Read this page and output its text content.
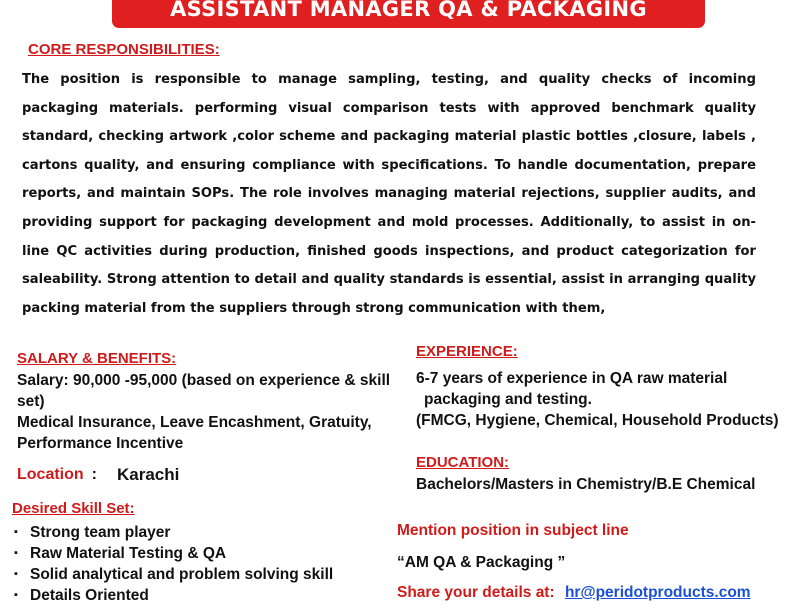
ASSISTANT MANAGER QA & PACKAGING
CORE RESPONSIBILITIES:
The position is responsible to manage sampling, testing, and quality checks of incoming packaging materials. performing visual comparison tests with approved benchmark quality standard, checking artwork ,color scheme and packaging material plastic bottles ,closure, labels , cartons quality, and ensuring compliance with specifications. To handle documentation, prepare reports, and maintain SOPs. The role involves managing material rejections, supplier audits, and providing support for packaging development and mold processes. Additionally, to assist in on-line QC activities during production, finished goods inspections, and product categorization for saleability. Strong attention to detail and quality standards is essential, assist in arranging quality packing material from the suppliers through strong communication with them,
SALARY & BENEFITS:
Salary: 90,000 -95,000 (based on experience & skill set)
Medical Insurance, Leave Encashment, Gratuity, Performance Incentive
Location : Karachi
Desired Skill Set:
▪ Strong team player
▪ Raw Material Testing & QA
▪ Solid analytical and problem solving skill
▪ Details Oriented
EXPERIENCE:
6-7 years of experience in QA raw material
packaging and testing.
(FMCG, Hygiene, Chemical, Household Products)
EDUCATION:
Bachelors/Masters in Chemistry/B.E Chemical
Mention position in subject line
“AM QA & Packaging ”
Share your details at: hr@peridotproducts.com
